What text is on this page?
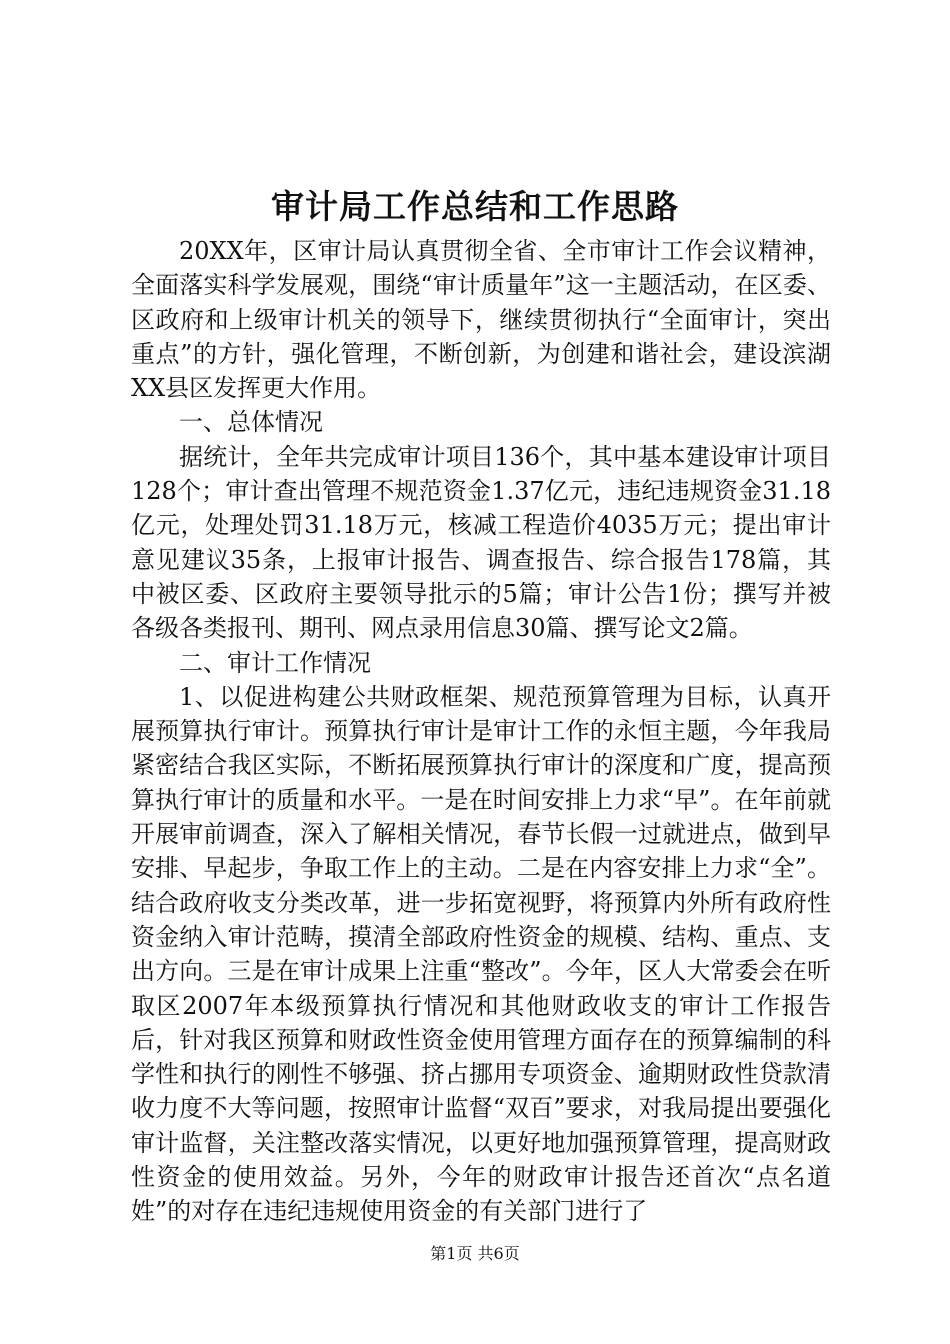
审计局工作总结和工作思路

20XX年，区审计局认真贯彻全省、全市审计工作会议精神，全面落实科学发展观，围绕“审计质量年”这一主题活动，在区委、区政府和上级审计机关的领导下，继续贯彻执行“全面审计，突出重点”的方针，强化管理，不断创新，为创建和谐社会，建设滨湖XX县区发挥更大作用。

一、总体情况

据统计，全年共完成审计项目136个，其中基本建设审计项目128个；审计查出管理不规范资金1.37亿元，违纪违规资金31.18亿元，处理处罚31.18万元，核减工程造价4035万元；提出审计意见建议35条，上报审计报告、调查报告、综合报告178篇，其中被区委、区政府主要领导批示的5篇；审计公告1份；撰写并被各级各类报刊、期刊、网点录用信息30篇、撰写论文2篇。

二、审计工作情况

1、以促进构建公共财政框架、规范预算管理为目标，认真开展预算执行审计。预算执行审计是审计工作的永恒主题，今年我局紧密结合我区实际，不断拓展预算执行审计的深度和广度，提高预算执行审计的质量和水平。一是在时间安排上力求“早”。在年前就开展审前调查，深入了解相关情况，春节长假一过就进点，做到早安排、早起步，争取工作上的主动。二是在内容安排上力求“全”。结合政府收支分类改革，进一步拓宽视野，将预算内外所有政府性资金纳入审计范畴，摸清全部政府性资金的规模、结构、重点、支出方向。三是在审计成果上注重“整改”。今年，区人大常委会在听取区2007年本级预算执行情况和其他财政收支的审计工作报告后，针对我区预算和财政性资金使用管理方面存在的预算编制的科学性和执行的刚性不够强、挤占挪用专项资金、逾期财政性贷款清收力度不大等问题，按照审计监督“双百”要求，对我局提出要强化审计监督，关注整改落实情况，以更好地加强预算管理，提高财政性资金的使用效益。另外，今年的财政审计报告还首次“点名道姓”的对存在违纪违规使用资金的有关部门进行了

第1页 共6页
